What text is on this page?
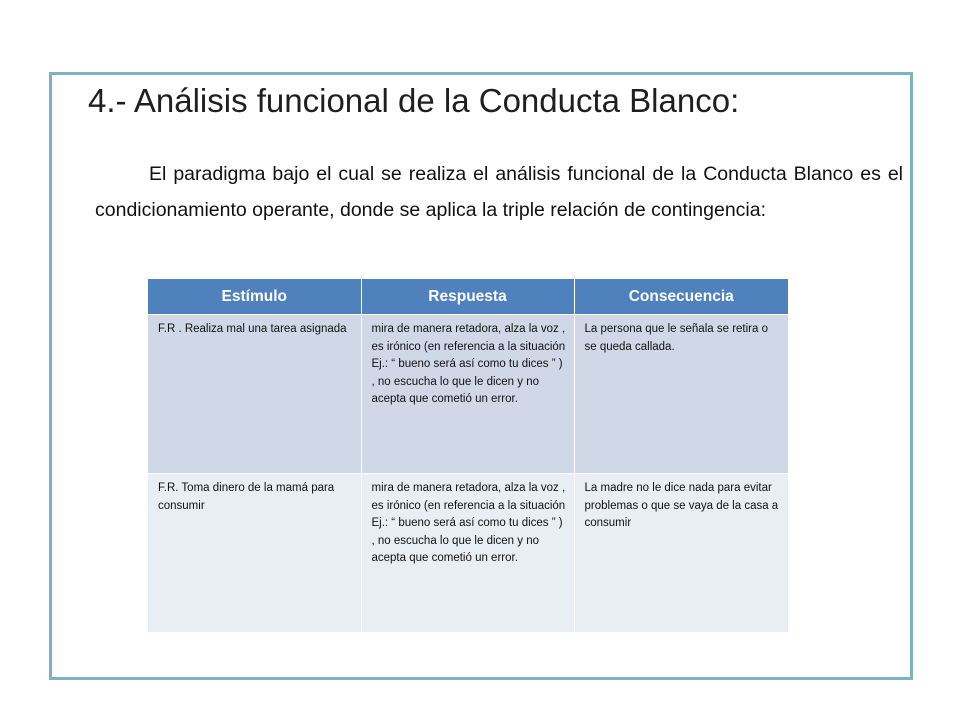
4.- Análisis funcional de la Conducta Blanco:
El paradigma bajo el cual se realiza el análisis funcional de la Conducta Blanco es el condicionamiento operante, donde se aplica la triple relación de contingencia:
Estímulo	Respuesta	Consecuencia
F.R . Realiza mal una tarea asignada	mira de manera retadora, alza la voz , es irónico (en referencia a la situación Ej.: “ bueno será así como tu dices ” ) , no escucha lo que le dicen y no acepta que cometió un error.	La persona que le señala se retira o se queda callada.
F.R. Toma dinero de la mamá para consumir	mira de manera retadora, alza la voz , es irónico (en referencia a la situación Ej.: “ bueno será así como tu dices ” ) , no escucha lo que le dicen y no acepta que cometió un error.	La madre no le dice nada para evitar problemas o que se vaya de la casa a consumir
